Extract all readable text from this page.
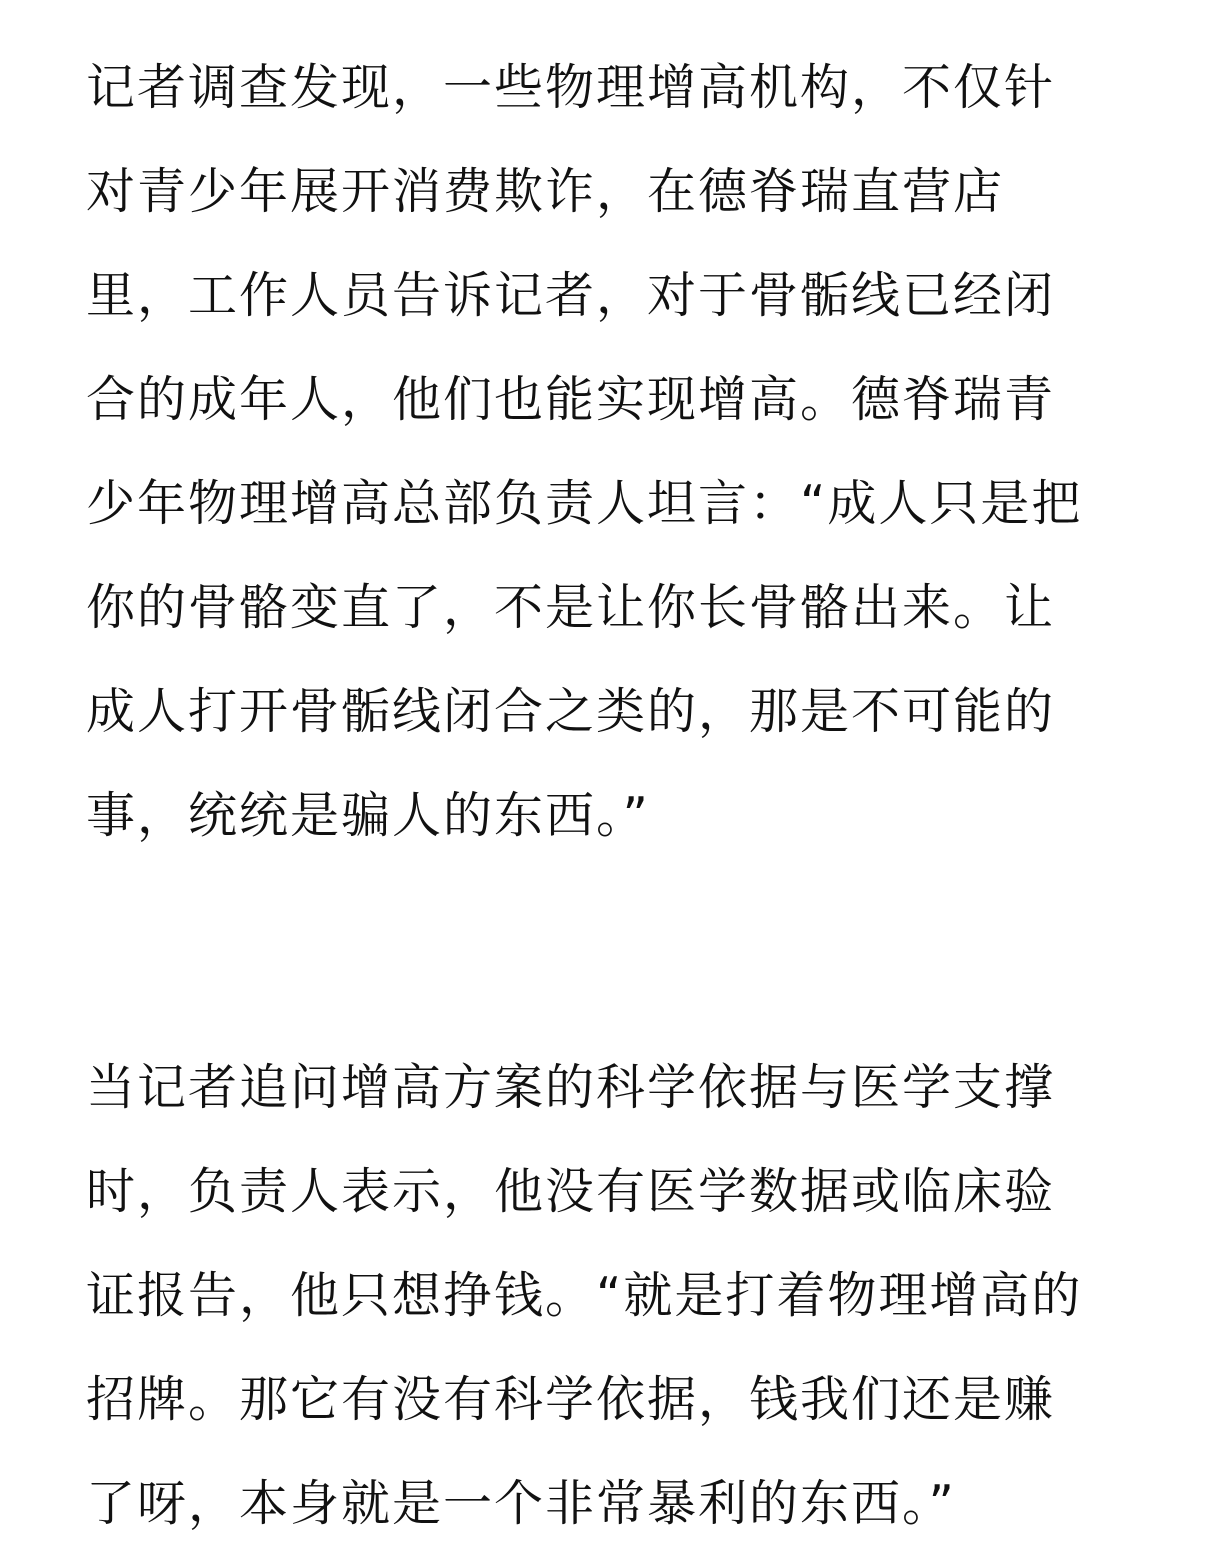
记者调查发现，一些物理增高机构，不仅针
对青少年展开消费欺诈，在德脊瑞直营店
里，工作人员告诉记者，对于骨骺线已经闭
合的成年人，他们也能实现增高。德脊瑞青
少年物理增高总部负责人坦言：“成人只是把
你的骨骼变直了，不是让你长骨骼出来。让
成人打开骨骺线闭合之类的，那是不可能的
事，统统是骗人的东西。”
当记者追问增高方案的科学依据与医学支撑
时，负责人表示，他没有医学数据或临床验
证报告，他只想挣钱。“就是打着物理增高的
招牌。那它有没有科学依据，钱我们还是赚
了呀，本身就是一个非常暴利的东西。”
